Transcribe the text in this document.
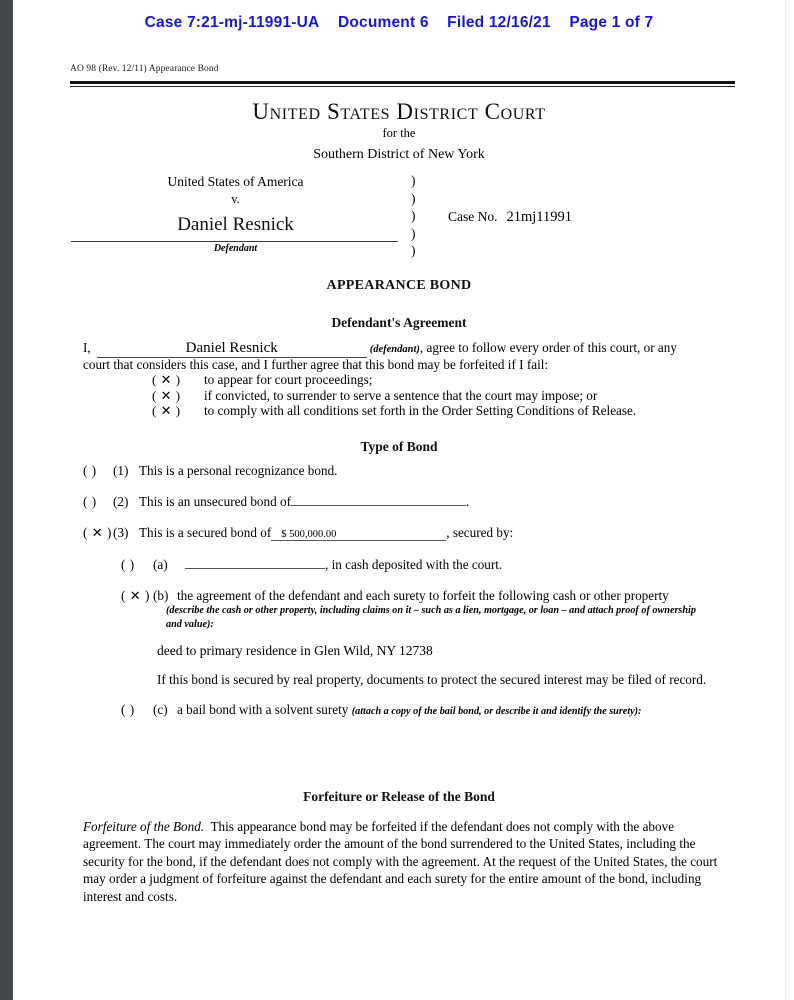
Case 7:21-mj-11991-UA Document 6 Filed 12/16/21 Page 1 of 7
AO 98 (Rev. 12/11) Appearance Bond
United States District Court
for the
Southern District of New York
United States of America
v.
Daniel Resnick
Defendant
)
)
)
)
)
Case No. 21mj11991
APPEARANCE BOND
Defendant's Agreement
I,	Daniel Resnick	(defendant), agree to follow every order of this court, or any
court that considers this case, and I further agree that this bond may be forfeited if I fail:
( ✕ ) to appear for court proceedings;
( ✕ ) if convicted, to surrender to serve a sentence that the court may impose; or
( ✕ ) to comply with all conditions set forth in the Order Setting Conditions of Release.
Type of Bond
( ) (1) This is a personal recognizance bond.
( ) (2) This is an unsecured bond of	.
( ✕ )(3) This is a secured bond of $ 500,000.00	, secured by:
( ) (a)	, in cash deposited with the court.
( ✕ ) (b) the agreement of the defendant and each surety to forfeit the following cash or other property
(describe the cash or other property, including claims on it – such as a lien, mortgage, or loan – and attach proof of ownership and value):
deed to primary residence in Glen Wild, NY 12738
If this bond is secured by real property, documents to protect the secured interest may be filed of record.
( ) (c) a bail bond with a solvent surety (attach a copy of the bail bond, or describe it and identify the surety):
Forfeiture or Release of the Bond
Forfeiture of the Bond. This appearance bond may be forfeited if the defendant does not comply with the above agreement. The court may immediately order the amount of the bond surrendered to the United States, including the security for the bond, if the defendant does not comply with the agreement. At the request of the United States, the court may order a judgment of forfeiture against the defendant and each surety for the entire amount of the bond, including interest and costs.
